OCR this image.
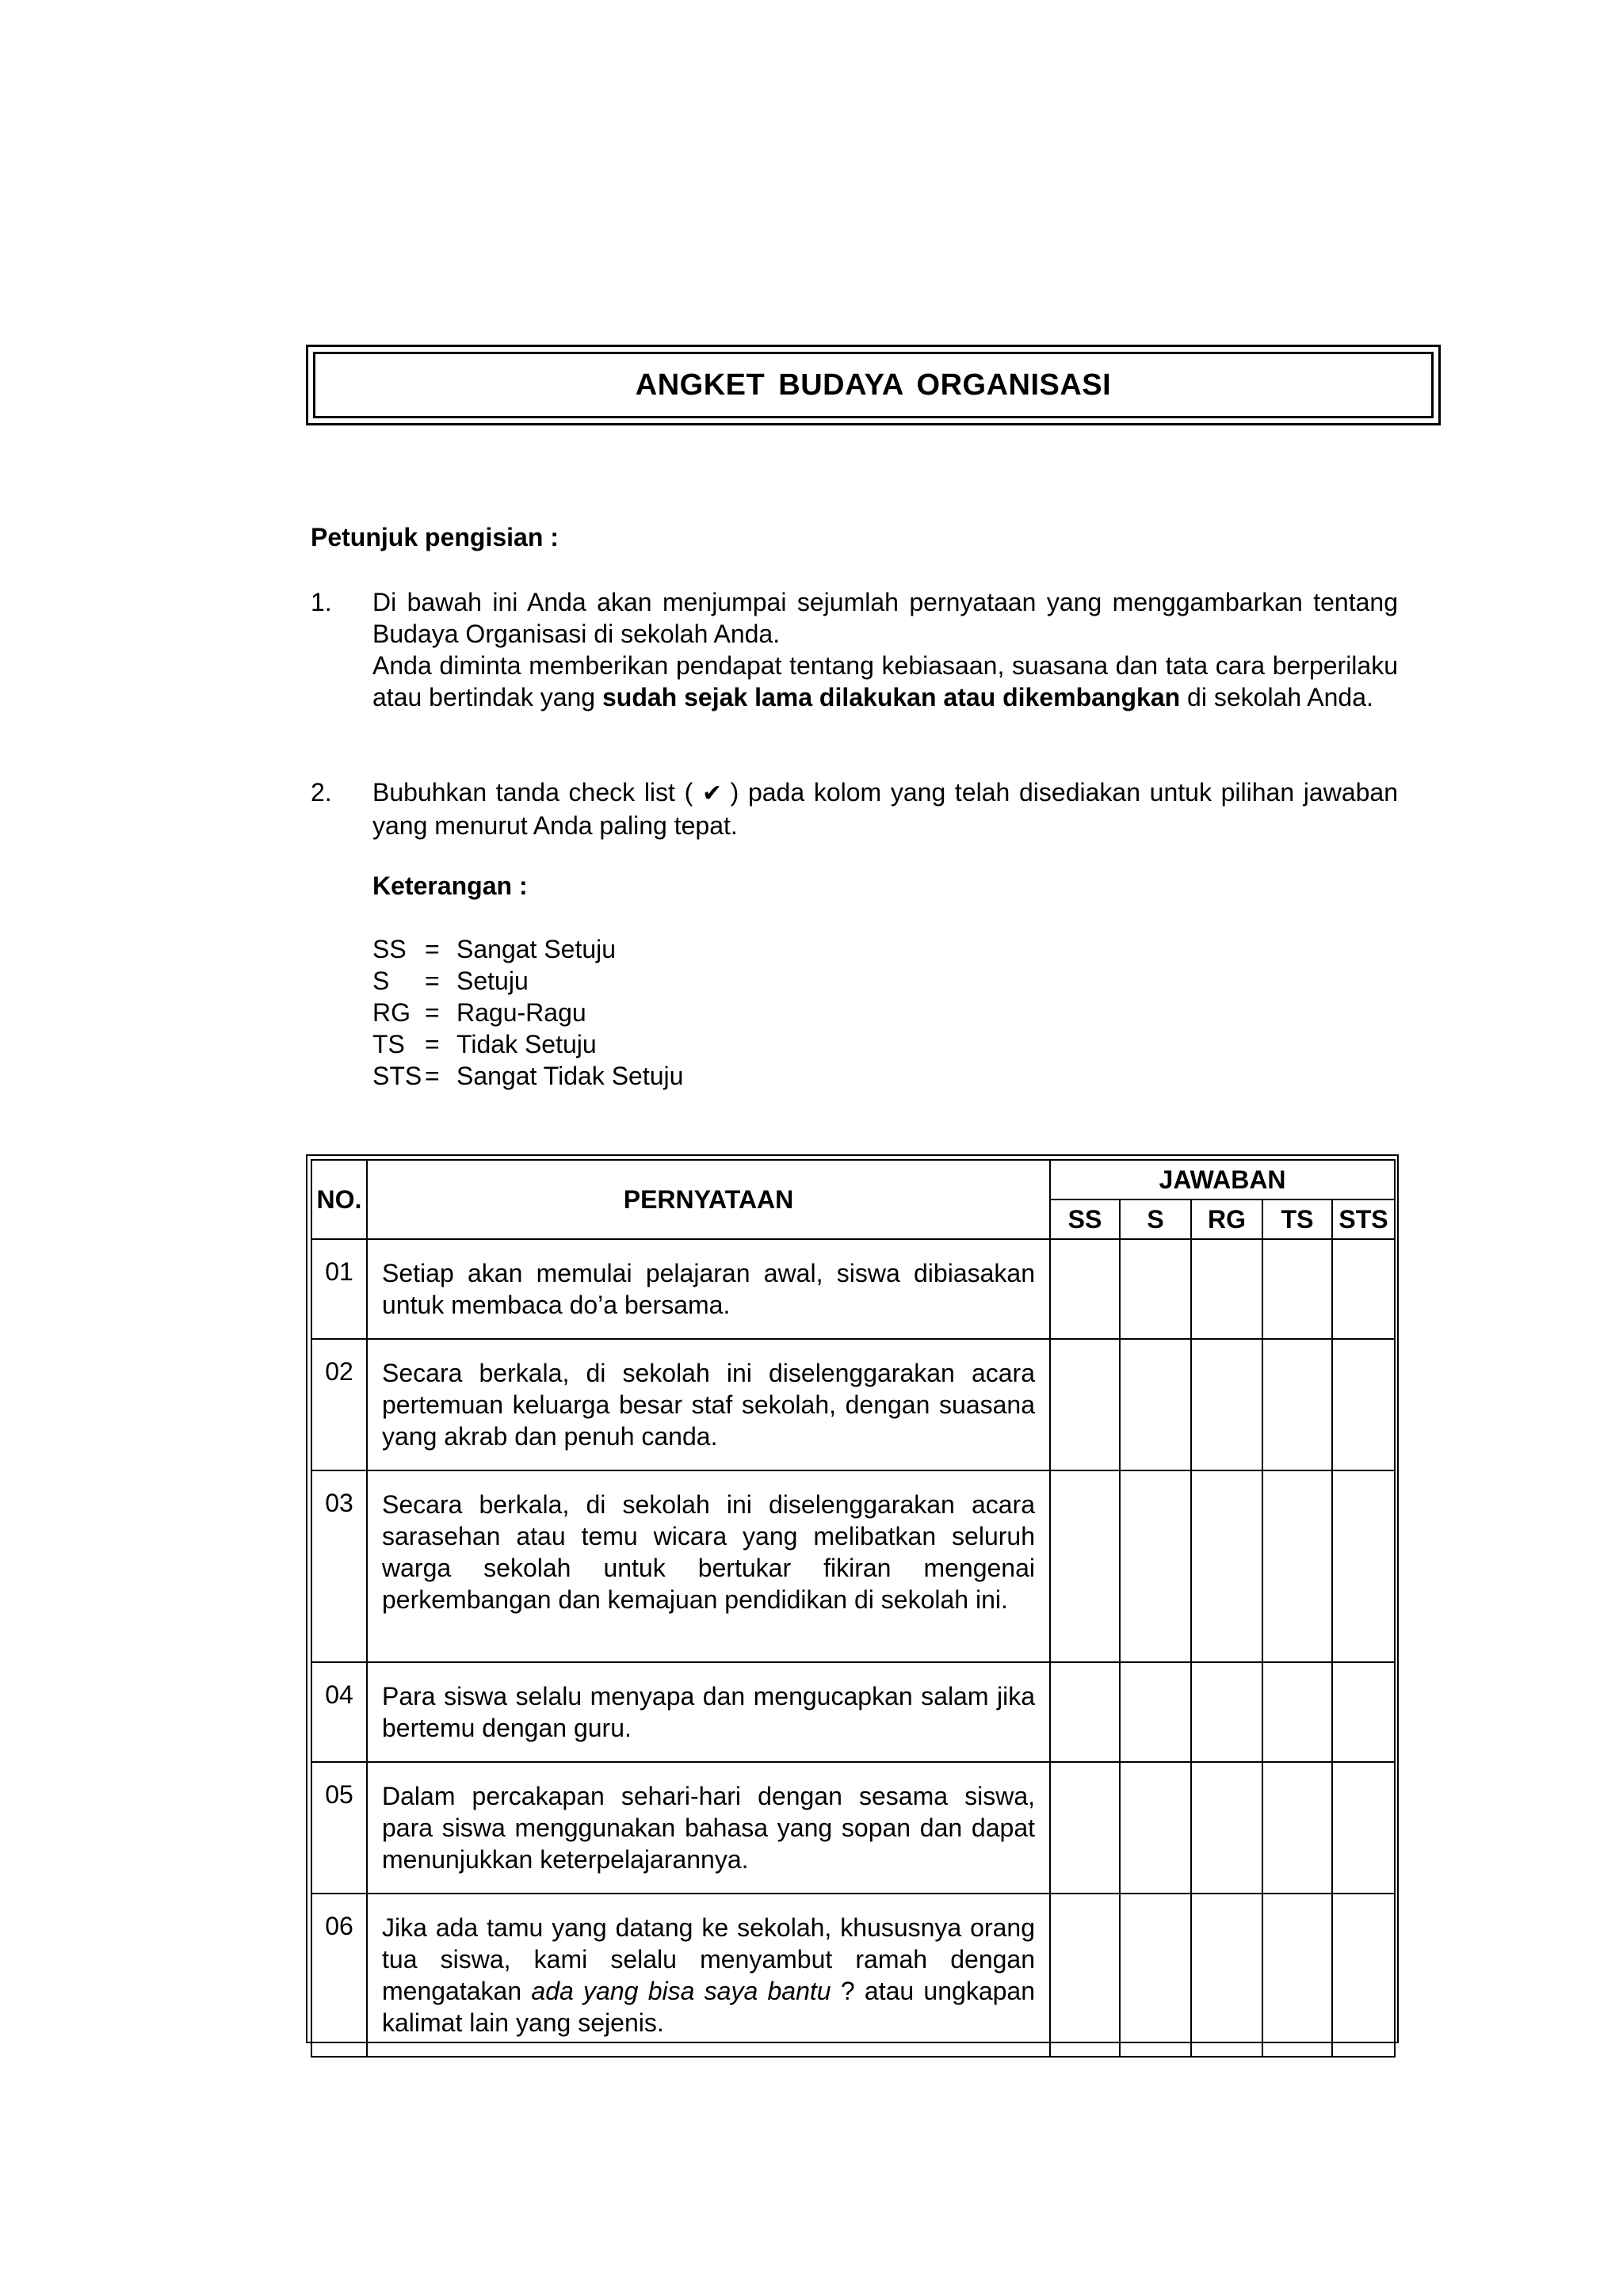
ANGKET BUDAYA ORGANISASI
Petunjuk pengisian :
1.	Di bawah ini Anda akan menjumpai sejumlah pernyataan yang menggambarkan tentang Budaya Organisasi di sekolah Anda.

Anda diminta memberikan pendapat tentang kebiasaan, suasana dan tata cara berperilaku atau bertindak yang sudah sejak lama dilakukan atau dikembangkan di sekolah Anda.

2.	Bubuhkan tanda check list ( ✔ ) pada kolom yang telah disediakan untuk pilihan jawaban yang menurut Anda paling tepat.

Keterangan :
SS = Sangat Setuju
S	= Setuju
RG = Ragu-Ragu
TS = Tidak Setuju
STS = Sangat Tidak Setuju
NO.	PERNYATAAN	JAWABAN				
		SS	S	RG	TS	STS
01	Setiap akan memulai pelajaran awal, siswa dibiasakan untuk membaca do’a bersama.					

02	Secara berkala, di sekolah ini diselenggarakan acara pertemuan keluarga besar staf sekolah, dengan suasana yang akrab dan penuh canda.					

03	Secara berkala, di sekolah ini diselenggarakan acara sarasehan atau temu wicara yang melibatkan seluruh warga sekolah untuk bertukar fikiran mengenai perkembangan dan kemajuan pendidikan di sekolah ini.					

04	Para siswa selalu menyapa dan mengucapkan salam jika bertemu dengan guru.					

05	Dalam percakapan sehari-hari dengan sesama siswa, para siswa menggunakan bahasa yang sopan dan dapat menunjukkan keterpelajarannya.					

06	Jika ada tamu yang datang ke sekolah, khususnya orang tua siswa, kami selalu menyambut ramah dengan mengatakan ada yang bisa saya bantu ? atau ungkapan kalimat lain yang sejenis.					
